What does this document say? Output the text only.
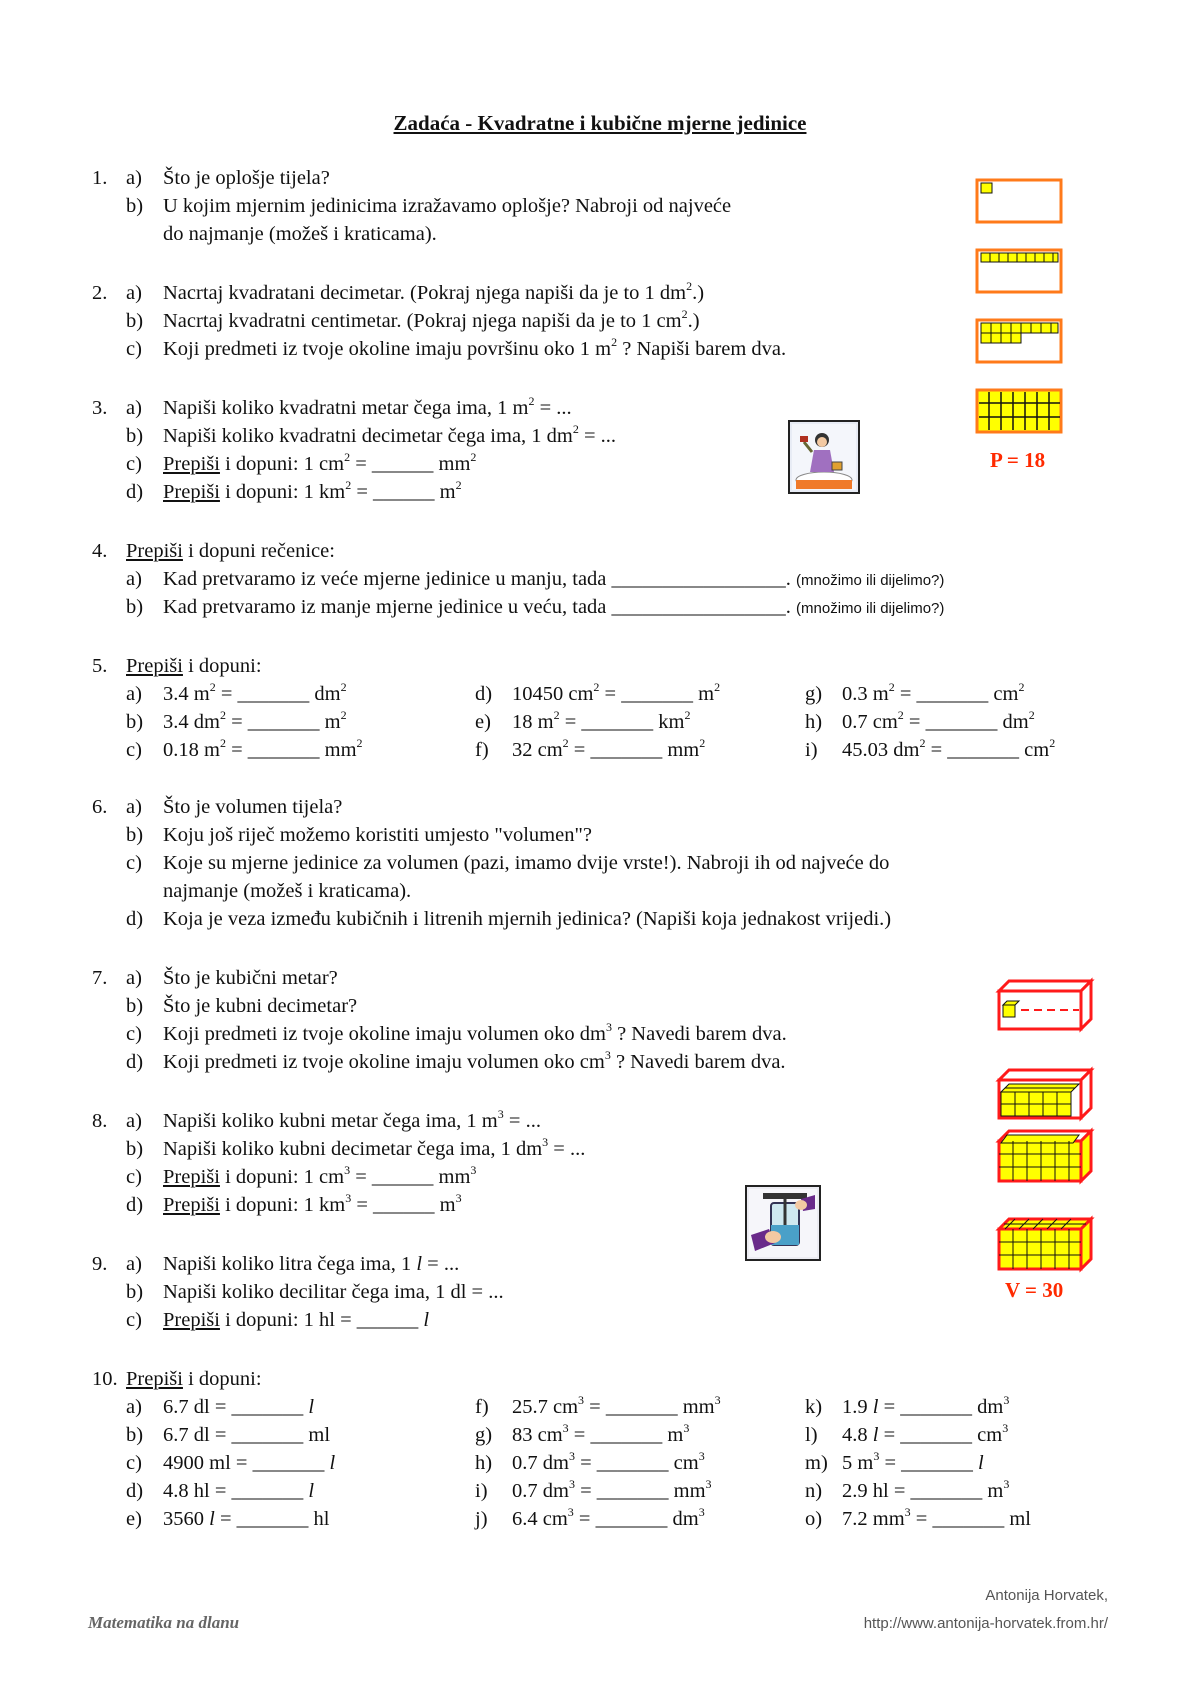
Zadaća - Kvadratne i kubične mjerne jedinice
1. a) Što je oplošje tijela?
b) U kojim mjernim jedinicima izražavamo oplošje? Nabroji od najveće
do najmanje (možeš i kraticama).
2. a) Nacrtaj kvadratani decimetar. (Pokraj njega napiši da je to 1 $dm^2$.)
b) Nacrtaj kvadratni centimetar. (Pokraj njega napiši da je to 1 $cm^2$.)
c) Koji predmeti iz tvoje okoline imaju površinu oko 1 $m^2$ ? Napiši barem dva.
3. a) Napiši koliko kvadratni metar čega ima, 1 $m^2$ = ...
b) Napiši koliko kvadratni decimetar čega ima, 1 $dm^2$ = ...
c) Prepiši i dopuni: 1 $cm^2$ = ______ $mm^2$
d) Prepiši i dopuni: 1 $km^2$ = ______ $m^2$
4. Prepiši i dopuni rečenice:
a) Kad pretvaramo iz veće mjerne jedinice u manju, tada _________________. (množimo ili dijelimo?)
b) Kad pretvaramo iz manje mjerne jedinice u veću, tada _________________. (množimo ili dijelimo?)
5. Prepiši i dopuni:
a) 3.4 $m^2$ = _______ $dm^2$
b) 3.4 $dm^2$ = _______ $m^2$
c) 0.18 $m^2$ = _______ $mm^2$
d) 10450 $cm^2$ = _______ $m^2$
e) 18 $m^2$ = _______ $km^2$
f) 32 $cm^2$ = _______ $mm^2$
g) 0.3 $m^2$ = _______ $cm^2$
h) 0.7 $cm^2$ = _______ $dm^2$
i) 45.03 $dm^2$ = _______ $cm^2$
6. a) Što je volumen tijela?
b) Koju još riječ možemo koristiti umjesto "volumen"?
c) Koje su mjerne jedinice za volumen (pazi, imamo dvije vrste!). Nabroji ih od najveće do
najmanje (možeš i kraticama).
d) Koja je veza između kubičnih i litrenih mjernih jedinica? (Napiši koja jednakost vrijedi.)
7. a) Što je kubični metar?
b) Što je kubni decimetar?
c) Koji predmeti iz tvoje okoline imaju volumen oko $dm^3$ ? Navedi barem dva.
d) Koji predmeti iz tvoje okoline imaju volumen oko $cm^3$ ? Navedi barem dva.
8. a) Napiši koliko kubni metar čega ima, 1 $m^3$ = ...
b) Napiši koliko kubni decimetar čega ima, 1 $dm^3$ = ...
c) Prepiši i dopuni: 1 $cm^3$ = ______ $mm^3$
d) Prepiši i dopuni: 1 $km^3$ = ______ $m^3$
9. a) Napiši koliko litra čega ima, 1 l = ...
b) Napiši koliko decilitar čega ima, 1 dl = ...
c) Prepiši i dopuni: 1 hl = ______ l
10. Prepiši i dopuni:
a) 6.7 dl = _______ l
b) 6.7 dl = _______ ml
c) 4900 ml = _______ l
d) 4.8 hl = _______ l
e) 3560 l = _______ hl
f) 25.7 $cm^3$ = _______ $mm^3$
g) 83 $cm^3$ = _______ $m^3$
h) 0.7 $dm^3$ = _______ $cm^3$
i) 0.7 $dm^3$ = _______ $mm^3$
j) 6.4 $cm^3$ = _______ $dm^3$
k) 1.9 l = _______ $dm^3$
l) 4.8 l = _______ $cm^3$
m) 5 $m^3$ = _______ l
n) 2.9 hl = _______ $m^3$
o) 7.2 $mm^3$ = _______ ml
P = 18
V = 30
Antonija Horvatek,
http://www.antonija-horvatek.from.hr/
Matematika na dlanu
